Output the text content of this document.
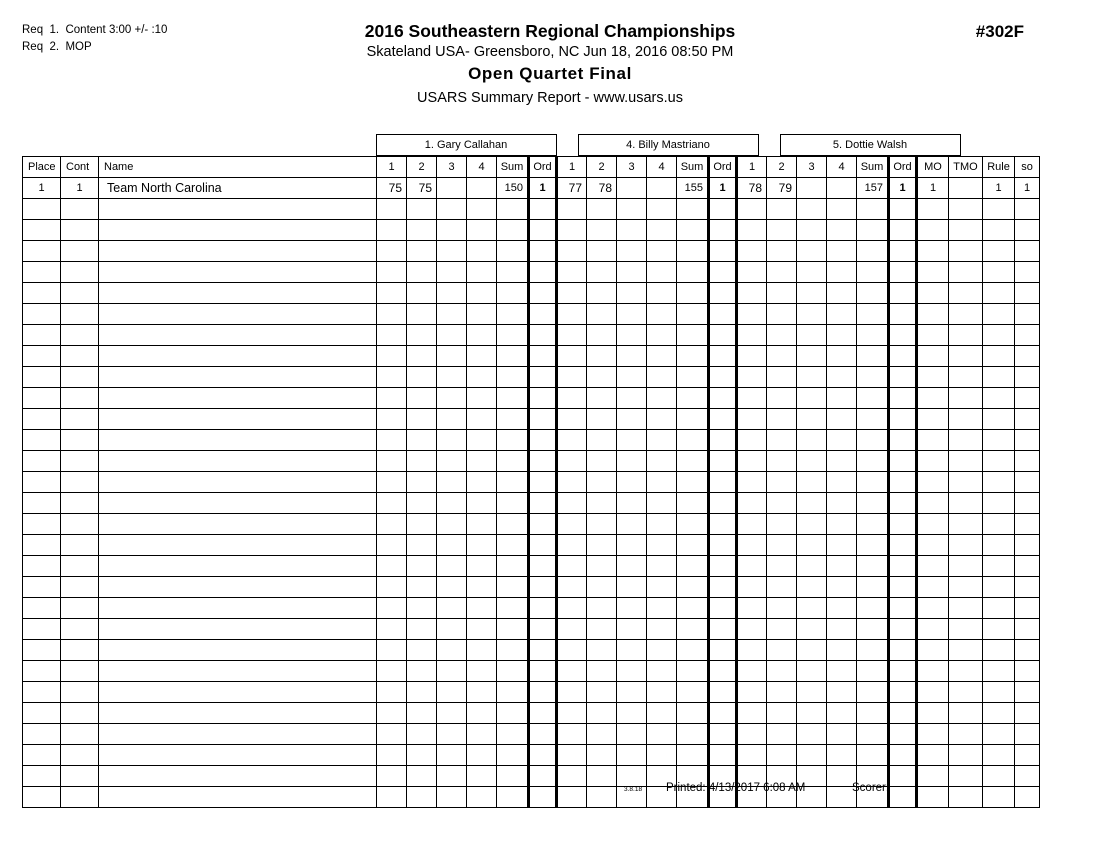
Req  1.  Content 3:00 +/- :10
Req  2.  MOP
#302F
2016 Southeastern Regional Championships
Skateland USA- Greensboro, NC Jun 18, 2016 08:50 PM
Open Quartet Final
USARS Summary Report - www.usars.us
			1. Gary Callahan		4. Billy Mastriano		5. Dottie Walsh	
Place	Cont	Name	1	2	3	4	Sum	Ord	1	2	3	4	Sum	Ord	1	2	3	4	Sum	Ord	MO	TMO	Rule	so
1	1	Team North Carolina	75	75			150	1	77	78			155	1	78	79			157	1	1		1	1

3.8.18 Printed: 4/13/2017 6:08 AM	Scorer:
